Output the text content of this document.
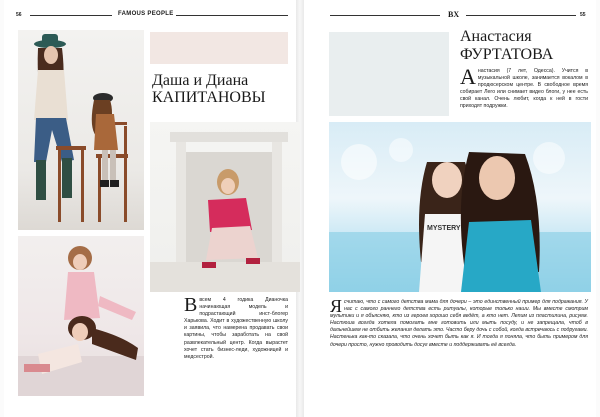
56	FAMOUS PEOPLE	BX	55
Даша и Диана
КАПИТАНОВЫ
Ввсем 4 годика Дианочка начинающая модель и подрастающий инст-блогер Харькова. Ходит в художественную школу и заявила, что намерена продавать свои картины, чтобы заработать на свой развлекательный центр. Когда вырастет хочет стать бизнес-леди, художницей и медсестрой.
Анастасия
ФУРТАТОВА
Анастасия (7 лет, Одесса). Учится в музыкальной школе, занимается вокалом в продюсерском центре. В свободное время собирает Лего или снимает видео блоги, у нее есть свой канал. Очень любит, когда к ней в гости приходят подружки.
MYSTERY
Ясчитаю, что с самого детства мама для дочери – это единственный пример для подражания. У нас с самого раннего детства есть ритуалы, которые только наши. Мы вместе смотрим мультики и я объясняю, кто из героев хорошо себя ведёт, а кто нет. Лепим из пластилина, рисуем. Настюша всегда хотела помогать мне готовить или мыть посуду, и не запрещала, чтоб в дальнейшем не отбить желания делать это. Часто беру дочь с собой, когда встречаюсь с подругами. Настенька как-то сказала, что очень хочет быть как я. И тогда я поняла, что быть примером для дочери просто, нужно проводить досуг вместе и поддерживать её всегда.
